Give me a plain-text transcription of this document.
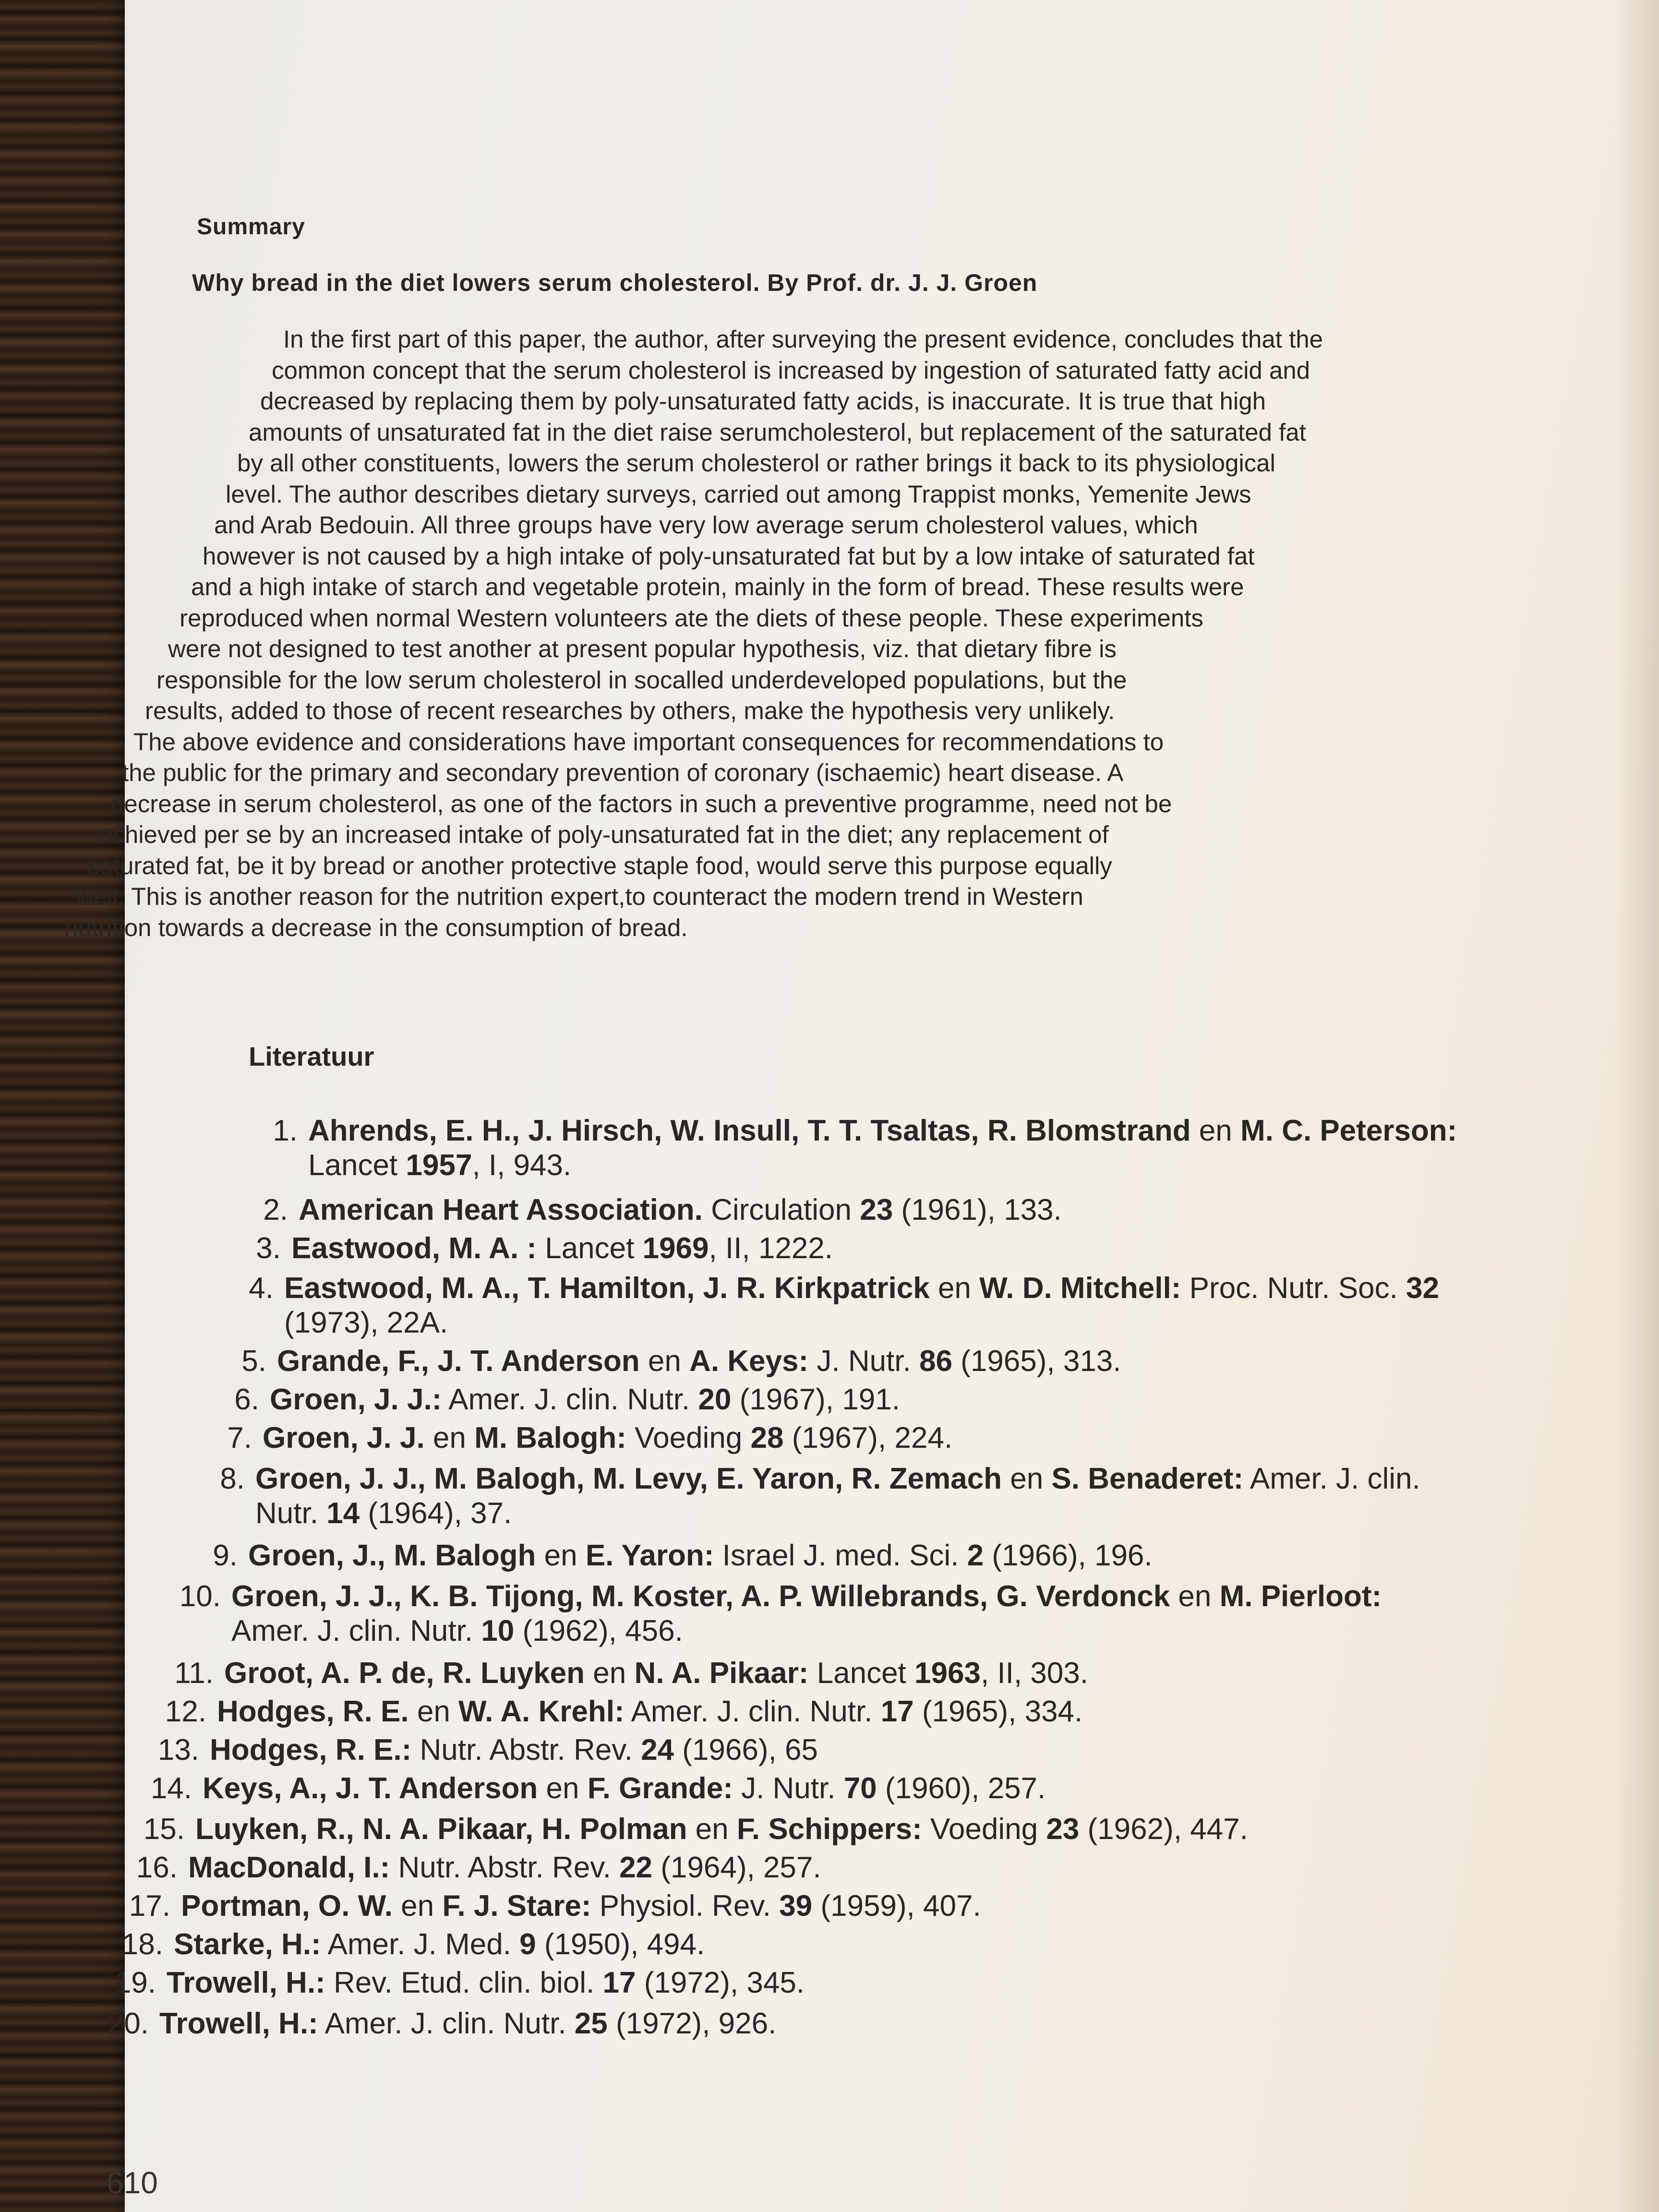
Summary
Why bread in the diet lowers serum cholesterol. By Prof. dr. J. J. Groen
In the first part of this paper, the author, after surveying the present evidence, concludes that the
common concept that the serum cholesterol is increased by ingestion of saturated fatty acid and
decreased by replacing them by poly-unsaturated fatty acids, is inaccurate. It is true that high
amounts of unsaturated fat in the diet raise serumcholesterol, but replacement of the saturated fat
by all other constituents, lowers the serum cholesterol or rather brings it back to its physiological
level. The author describes dietary surveys, carried out among Trappist monks, Yemenite Jews
and Arab Bedouin. All three groups have very low average serum cholesterol values, which
however is not caused by a high intake of poly-unsaturated fat but by a low intake of saturated fat
and a high intake of starch and vegetable protein, mainly in the form of bread. These results were
reproduced when normal Western volunteers ate the diets of these people. These experiments
were not designed to test another at present popular hypothesis, viz. that dietary fibre is
responsible for the low serum cholesterol in socalled underdeveloped populations, but the
results, added to those of recent researches by others, make the hypothesis very unlikely.
The above evidence and considerations have important consequences for recommendations to
the public for the primary and secondary prevention of coronary (ischaemic) heart disease. A
decrease in serum cholesterol, as one of the factors in such a preventive programme, need not be
achieved per se by an increased intake of poly-unsaturated fat in the diet; any replacement of
saturated fat, be it by bread or another protective staple food, would serve this purpose equally
well. This is another reason for the nutrition expert,to counteract the modern trend in Western
nutrition towards a decrease in the consumption of bread.
Literatuur
1. Ahrends, E. H., J. Hirsch, W. Insull, T. T. Tsaltas, R. Blomstrand en M. C. Peterson:
Lancet 1957, I, 943.
2. American Heart Association. Circulation 23 (1961), 133.
3. Eastwood, M. A. : Lancet 1969, II, 1222.
4. Eastwood, M. A., T. Hamilton, J. R. Kirkpatrick en W. D. Mitchell: Proc. Nutr. Soc. 32
(1973), 22A.
5. Grande, F., J. T. Anderson en A. Keys: J. Nutr. 86 (1965), 313.
6. Groen, J. J.: Amer. J. clin. Nutr. 20 (1967), 191.
7. Groen, J. J. en M. Balogh: Voeding 28 (1967), 224.
8. Groen, J. J., M. Balogh, M. Levy, E. Yaron, R. Zemach en S. Benaderet: Amer. J. clin.
Nutr. 14 (1964), 37.
9. Groen, J., M. Balogh en E. Yaron: Israel J. med. Sci. 2 (1966), 196.
10. Groen, J. J., K. B. Tijong, M. Koster, A. P. Willebrands, G. Verdonck en M. Pierloot:
Amer. J. clin. Nutr. 10 (1962), 456.
11. Groot, A. P. de, R. Luyken en N. A. Pikaar: Lancet 1963, II, 303.
12. Hodges, R. E. en W. A. Krehl: Amer. J. clin. Nutr. 17 (1965), 334.
13. Hodges, R. E.: Nutr. Abstr. Rev. 24 (1966), 65
14. Keys, A., J. T. Anderson en F. Grande: J. Nutr. 70 (1960), 257.
15. Luyken, R., N. A. Pikaar, H. Polman en F. Schippers: Voeding 23 (1962), 447.
16. MacDonald, I.: Nutr. Abstr. Rev. 22 (1964), 257.
17. Portman, O. W. en F. J. Stare: Physiol. Rev. 39 (1959), 407.
18. Starke, H.: Amer. J. Med. 9 (1950), 494.
19. Trowell, H.: Rev. Etud. clin. biol. 17 (1972), 345.
20. Trowell, H.: Amer. J. clin. Nutr. 25 (1972), 926.
610
